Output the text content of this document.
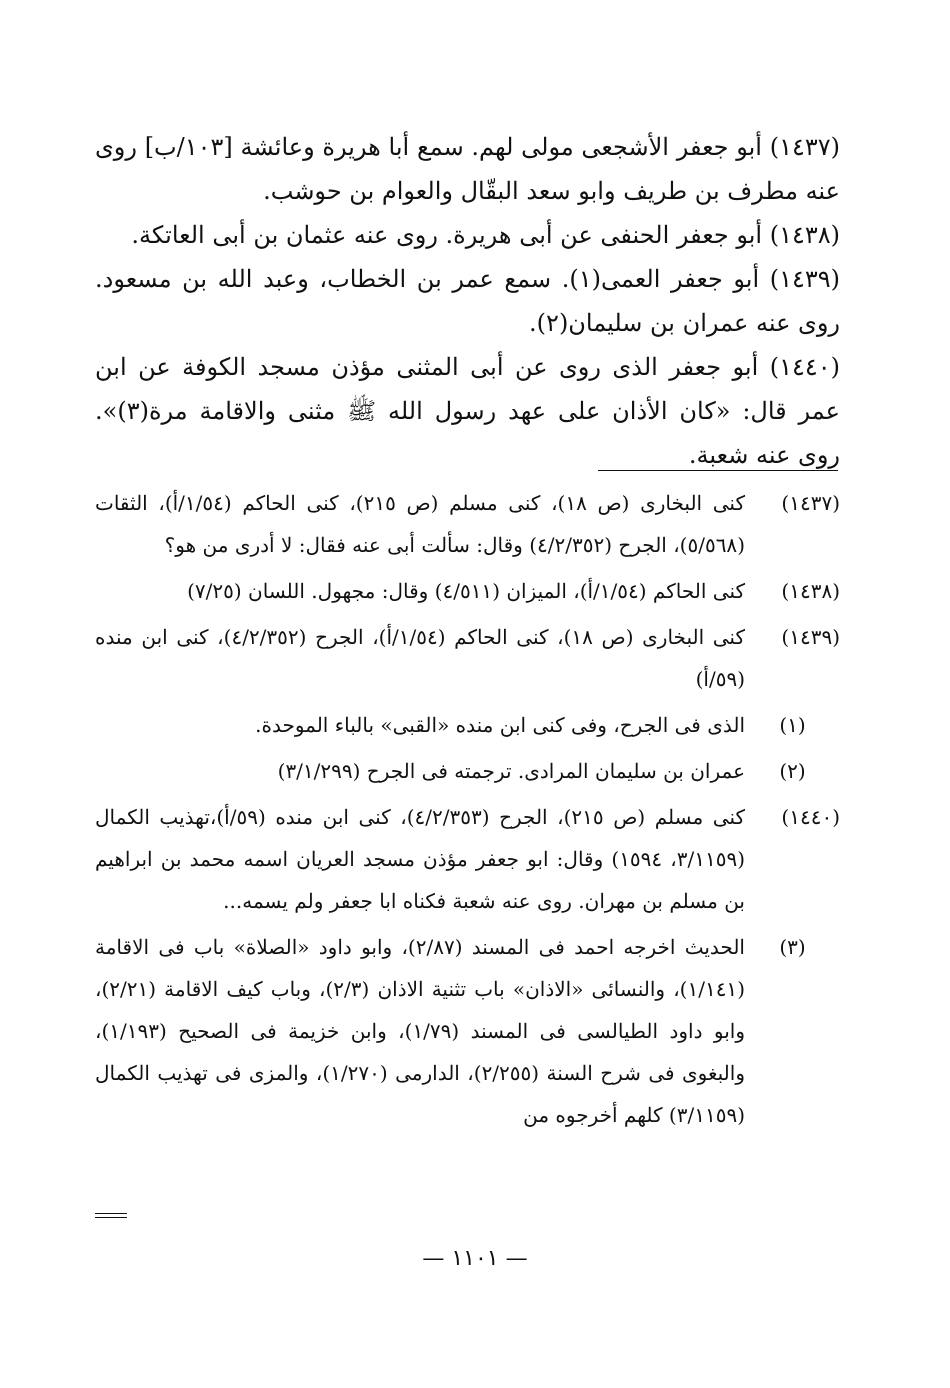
(١٤٣٧) أبو جعفر الأشجعى مولى لهم. سمع أبا هريرة وعائشة [١٠٣/ب] روى عنه مطرف بن طريف وابو سعد البقّال والعوام بن حوشب.

(١٤٣٨) أبو جعفر الحنفى عن أبى هريرة. روى عنه عثمان بن أبى العاتكة.

(١٤٣٩) أبو جعفر العمى(١). سمع عمر بن الخطاب، وعبد الله بن مسعود. روى عنه عمران بن سليمان(٢).

(١٤٤٠) أبو جعفر الذى روى عن أبى المثنى مؤذن مسجد الكوفة عن ابن عمر قال: «كان الأذان على عهد رسول الله ﷺ مثنى والاقامة مرة(٣)». روى عنه شعبة.

(١٤٣٧)
كنى البخارى (ص ١٨)، كنى مسلم (ص ٢١٥)، كنى الحاكم (١/٥٤/أ)، الثقات (٥/٥٦٨)، الجرح (٤/٢/٣٥٢) وقال: سألت أبى عنه فقال: لا أدرى من هو؟
(١٤٣٨)
كنى الحاكم (١/٥٤/أ)، الميزان (٤/٥١١) وقال: مجهول. اللسان (٧/٢٥)
(١٤٣٩)
كنى البخارى (ص ١٨)، كنى الحاكم (١/٥٤/أ)، الجرح (٤/٢/٣٥٢)، كنى ابن منده (٥٩/أ)
(١)
الذى فى الجرح، وفى كنى ابن منده «القبى» بالباء الموحدة.
(٢)
عمران بن سليمان المرادى. ترجمته فى الجرح (٣/١/٢٩٩)
(١٤٤٠)
كنى مسلم (ص ٢١٥)، الجرح (٤/٢/٣٥٣)، كنى ابن منده (٥٩/أ)،تهذيب الكمال (٣/١١٥٩، ١٥٩٤) وقال: ابو جعفر مؤذن مسجد العريان اسمه محمد بن ابراهيم بن مسلم بن مهران. روى عنه شعبة فكناه ابا جعفر ولم يسمه...
(٣)
الحديث اخرجه احمد فى المسند (٢/٨٧)، وابو داود «الصلاة» باب فى الاقامة (١/١٤١)، والنسائى «الاذان» باب تثنية الاذان (٢/٣)، وباب كيف الاقامة (٢/٢١)، وابو داود الطيالسى فى المسند (١/٧٩)، وابن خزيمة فى الصحيح (١/١٩٣)، والبغوى فى شرح السنة (٢/٢٥٥)، الدارمى (١/٢٧٠)، والمزى فى تهذيب الكمال (٣/١١٥٩) كلهم أخرجوه من
— ١١٠١ —
